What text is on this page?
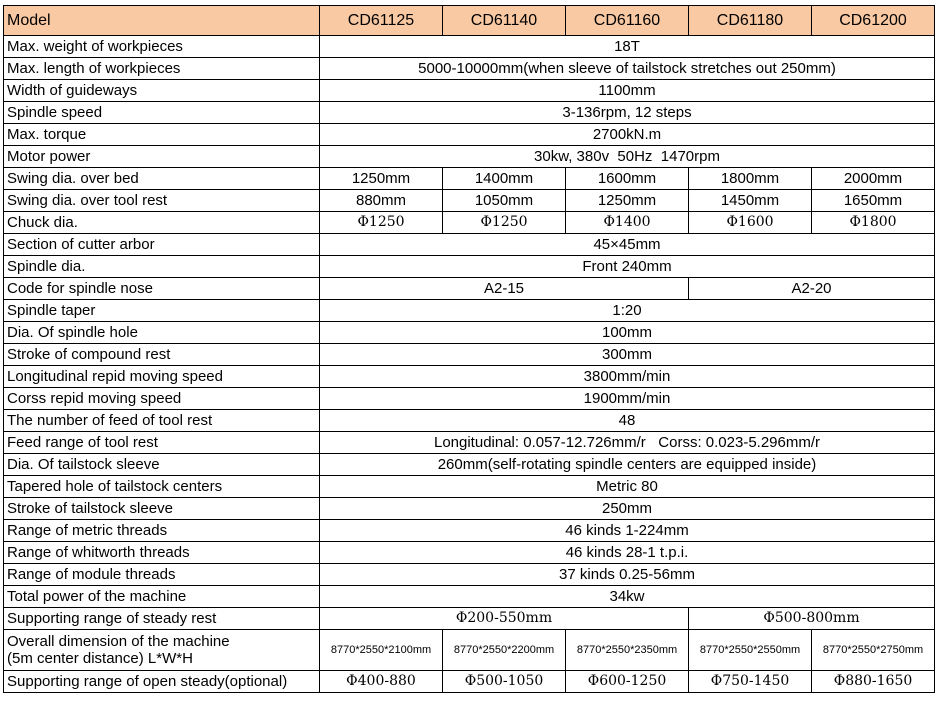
Model	CD61125	CD61140	CD61160	CD61180	CD61200
Max. weight of workpieces	18T				
Max. length of workpieces	5000-10000mm(when sleeve of tailstock stretches out 250mm)				
Width of guideways	1100mm				
Spindle speed	3-136rpm, 12 steps				
Max. torque	2700kN.m				
Motor power	30kw, 380v  50Hz  1470rpm				
Swing dia. over bed	1250mm	1400mm	1600mm	1800mm	2000mm
Swing dia. over tool rest	880mm	1050mm	1250mm	1450mm	1650mm
Chuck dia.	Φ1250	Φ1250	Φ1400	Φ1600	Φ1800
Section of cutter arbor	45×45mm				
Spindle dia.	Front 240mm				
Code for spindle nose	A2-15			A2-20	
Spindle taper	1:20				
Dia. Of spindle hole	100mm				
Stroke of compound rest	300mm				
Longitudinal repid moving speed	3800mm/min				
Corss repid moving speed	1900mm/min				
The number of feed of tool rest	48				
Feed range of tool rest	Longitudinal: 0.057-12.726mm/r   Corss: 0.023-5.296mm/r				
Dia. Of tailstock sleeve	260mm(self-rotating spindle centers are equipped inside)				
Tapered hole of tailstock centers	Metric 80				
Stroke of tailstock sleeve	250mm				
Range of metric threads	46 kinds 1-224mm				
Range of whitworth threads	46 kinds 28-1 t.p.i.				
Range of module threads	37 kinds 0.25-56mm				
Total power of the machine	34kw				
Supporting range of steady rest	Φ200-550mm			Φ500-800mm	

Overall dimension of the machine
(5m center distance) L*W*H	8770*2550*2100mm	8770*2550*2200mm	8770*2550*2350mm	8770*2550*2550mm	8770*2550*2750mm
Supporting range of open steady(optional)	Φ400-880	Φ500-1050	Φ600-1250	Φ750-1450	Φ880-1650
